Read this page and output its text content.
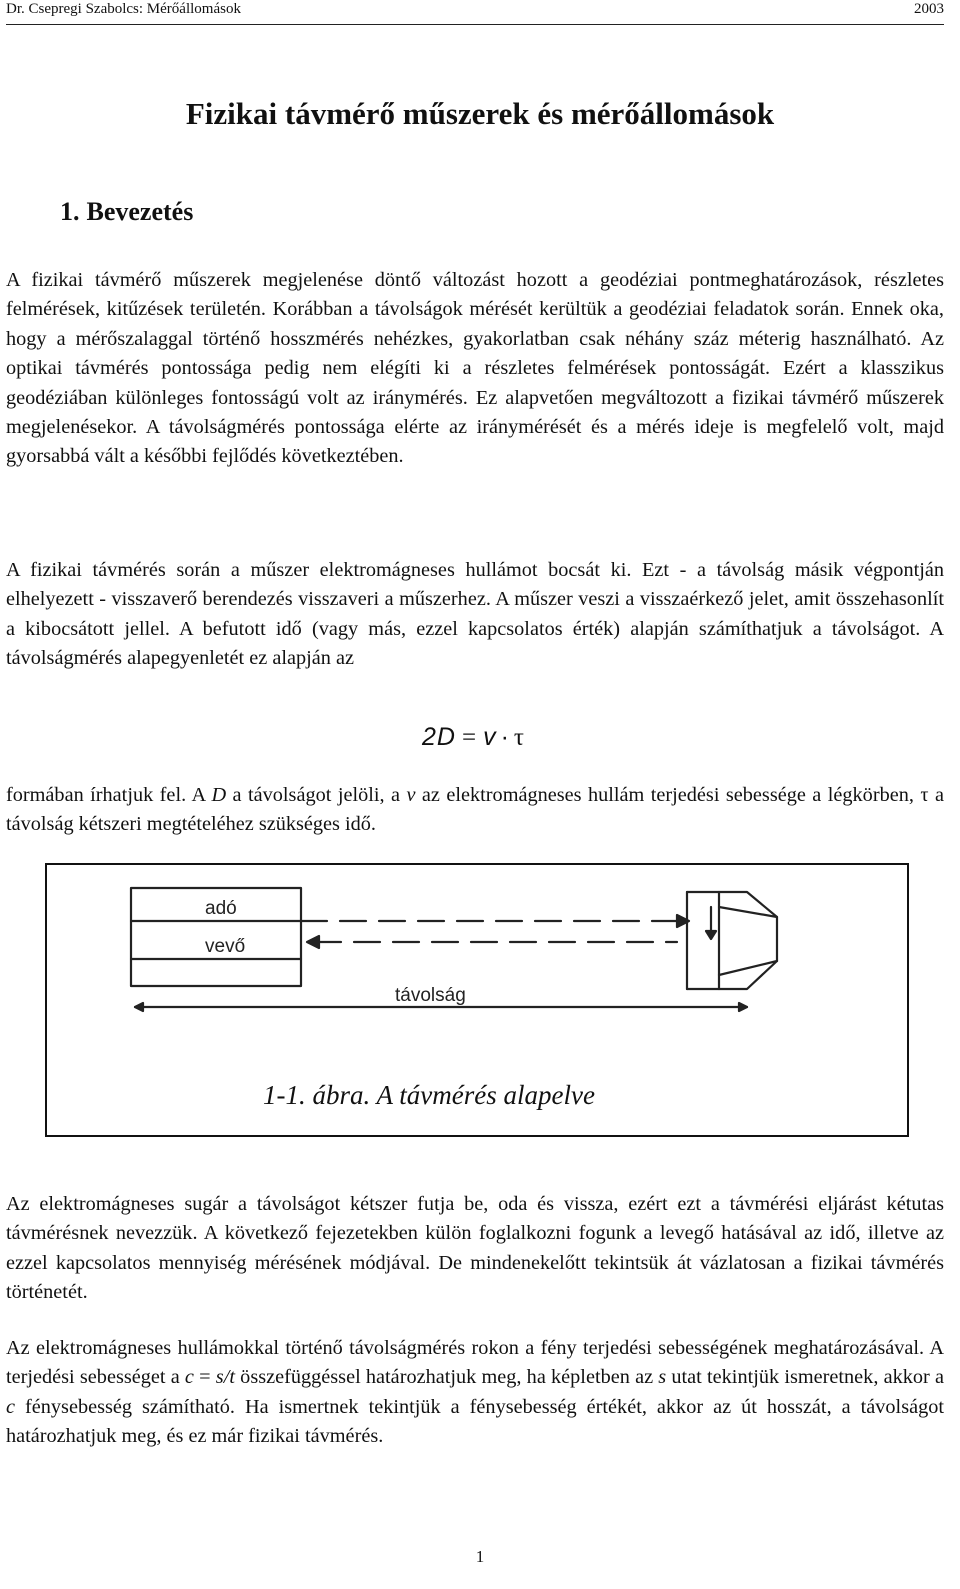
Dr. Csepregi Szabolcs: Mérőállomások	2003
Fizikai távmérő műszerek és mérőállomások
1. Bevezetés

A fizikai távmérő műszerek megjelenése döntő változást hozott a geodéziai pontmeghatározások, részletes felmérések, kitűzések területén. Korábban a távolságok mérését kerültük a geodéziai feladatok során. Ennek oka, hogy a mérőszalaggal történő hosszmérés nehézkes, gyakorlatban csak néhány száz méterig használható. Az optikai távmérés pontossága pedig nem elégíti ki a részletes felmérések pontosságát. Ezért a klasszikus geodéziában különleges fontosságú volt az iránymérés. Ez alapvetően megváltozott a fizikai távmérő műszerek megjelenésekor. A távolságmérés pontossága elérte az iránymérését és a mérés ideje is megfelelő volt, majd gyorsabbá vált a későbbi fejlődés következtében.

A fizikai távmérés során a műszer elektromágneses hullámot bocsát ki. Ezt - a távolság másik végpontján elhelyezett - visszaverő berendezés visszaveri a műszerhez. A műszer veszi a visszaérkező jelet, amit összehasonlít a kibocsátott jellel. A befutott idő (vagy más, ezzel kapcsolatos érték) alapján számíthatjuk a távolságot. A távolságmérés alapegyenletét ez alapján az

2D = v · τ

formában írhatjuk fel. A D a távolságot jelöli, a v az elektromágneses hullám terjedési sebessége a légkörben, τ a távolság kétszeri megtételéhez szükséges idő.

adó
vevő
távolság
1-1. ábra. A távmérés alapelve

Az elektromágneses sugár a távolságot kétszer futja be, oda és vissza, ezért ezt a távmérési eljárást kétutas távmérésnek nevezzük. A következő fejezetekben külön foglalkozni fogunk a levegő hatásával az idő, illetve az ezzel kapcsolatos mennyiség mérésének módjával. De mindenekelőtt tekintsük át vázlatosan a fizikai távmérés történetét.

Az elektromágneses hullámokkal történő távolságmérés rokon a fény terjedési sebességének meghatározásával. A terjedési sebességet a c = s/t összefüggéssel határozhatjuk meg, ha képletben az s utat tekintjük ismeretnek, akkor a c fénysebesség számítható. Ha ismertnek tekintjük a fénysebesség értékét, akkor az út hosszát, a távolságot határozhatjuk meg, és ez már fizikai távmérés.

1
